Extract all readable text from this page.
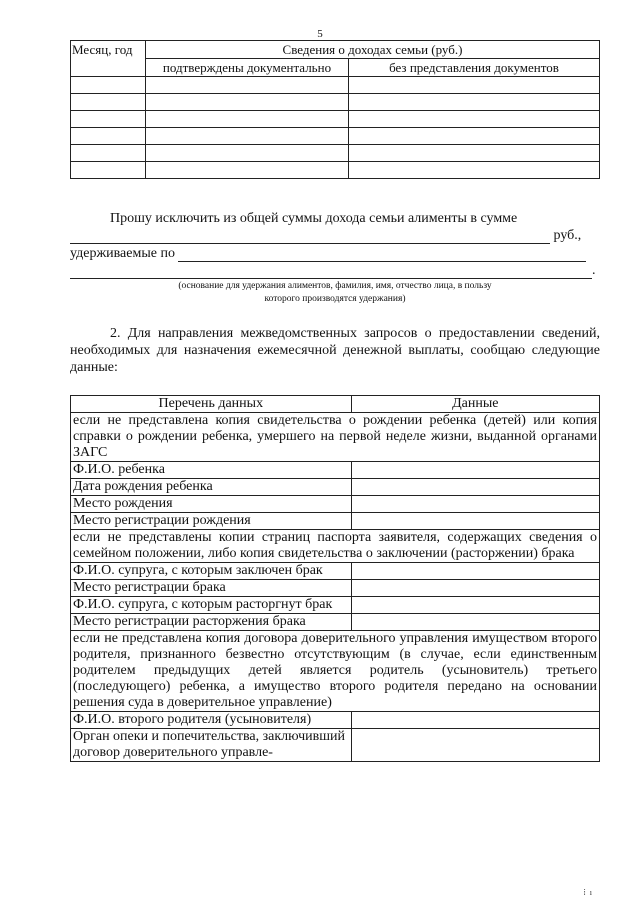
5
Месяц, год	Сведения о доходах семьи (руб.)	
	подтверждены документально	без представления документов

Прошу исключить из общей суммы дохода семьи алименты в сумме
руб.,
удерживаемые по
.
(основание для удержания алиментов, фамилия, имя, отчество лица, в пользу
которого производятся удержания)
2. Для направления межведомственных запросов о предоставлении сведений, необходимых для назначения ежемесячной денежной выплаты, сообщаю следующие данные:
Перечень данных	Данные
если не представлена копия свидетельства о рождении ребенка (детей) или копия справки о рождении ребенка, умершего на первой неделе жизни, выданной органами ЗАГС	
Ф.И.О. ребенка	
Дата рождения ребенка	
Место рождения	
Место регистрации рождения	
если не представлены копии страниц паспорта заявителя, содержащих сведения о семейном положении, либо копия свидетельства о заключении (расторжении) брака	
Ф.И.О. супруга, с которым заключен брак	
Место регистрации брака	
Ф.И.О. супруга, с которым расторгнут брак	
Место регистрации расторжения брака	
если не представлена копия договора доверительного управления имуществом второго родителя, признанного безвестно отсутствующим (в случае, если единственным родителем предыдущих детей является родитель (усыновитель) третьего (последующего) ребенка, а имущество второго родителя передано на основании решения суда в доверительное управление)	
Ф.И.О. второго родителя (усыновителя)	
Орган опеки и попечительства, заключивший договор доверительного управле-	
⁞  ı
